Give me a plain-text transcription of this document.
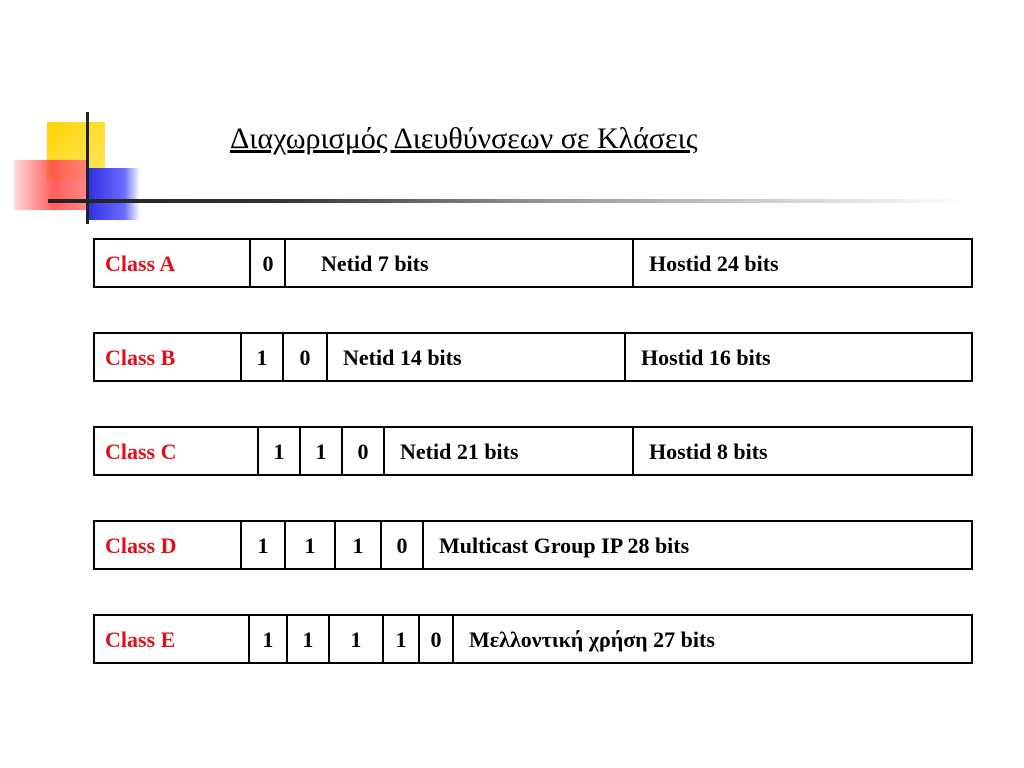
Διαχωρισμός Διευθύνσεων σε Κλάσεις
Class A	0	Netid 7 bits	Hostid 24 bits
Class B	1	0	Netid 14 bits	Hostid 16 bits
Class C	1	1	0	Netid 21 bits	Hostid 8 bits
Class D	1	1	1	0	Multicast Group IP 28 bits
Class E	1	1	1	1	0	Μελλοντική χρήση 27 bits
